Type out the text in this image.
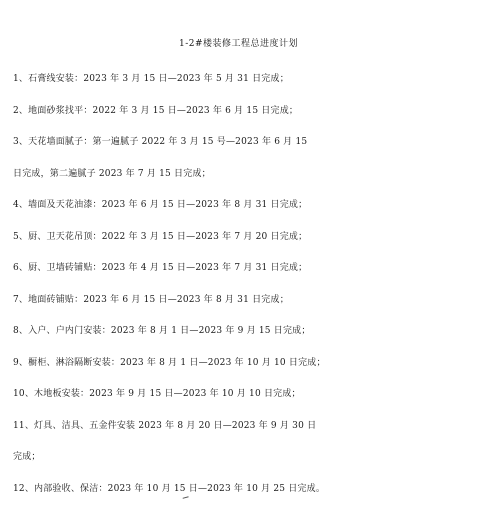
1-2#楼装修工程总进度计划
1、石膏线安装：2023 年 3 月 15 日—2023 年 5 月 31 日完成；
2、地面砂浆找平：2022 年 3 月 15 日—2023 年 6 月 15 日完成；
3、天花墙面腻子：第一遍腻子 2022 年 3 月 15 号—2023 年 6 月 15
日完成，第二遍腻子 2023 年 7 月 15 日完成；
4、墙面及天花油漆：2023 年 6 月 15 日—2023 年 8 月 31 日完成；
5、厨、卫天花吊顶：2022 年 3 月 15 日—2023 年 7 月 20 日完成；
6、厨、卫墙砖铺贴：2023 年 4 月 15 日—2023 年 7 月 31 日完成；
7、地面砖铺贴：2023 年 6 月 15 日—2023 年 8 月 31 日完成；
8、入户、户内门安装：2023 年 8 月 1 日—2023 年 9 月 15 日完成；
9、橱柜、淋浴隔断安装：2023 年 8 月 1 日—2023 年 10 月 10 日完成；
10、木地板安装：2023 年 9 月 15 日—2023 年 10 月 10 日完成；
11、灯具、洁具、五金件安装 2023 年 8 月 20 日—2023 年 9 月 30 日
完成；
12、内部验收、保洁：2023 年 10 月 15 日—2023 年 10 月 25 日完成。
